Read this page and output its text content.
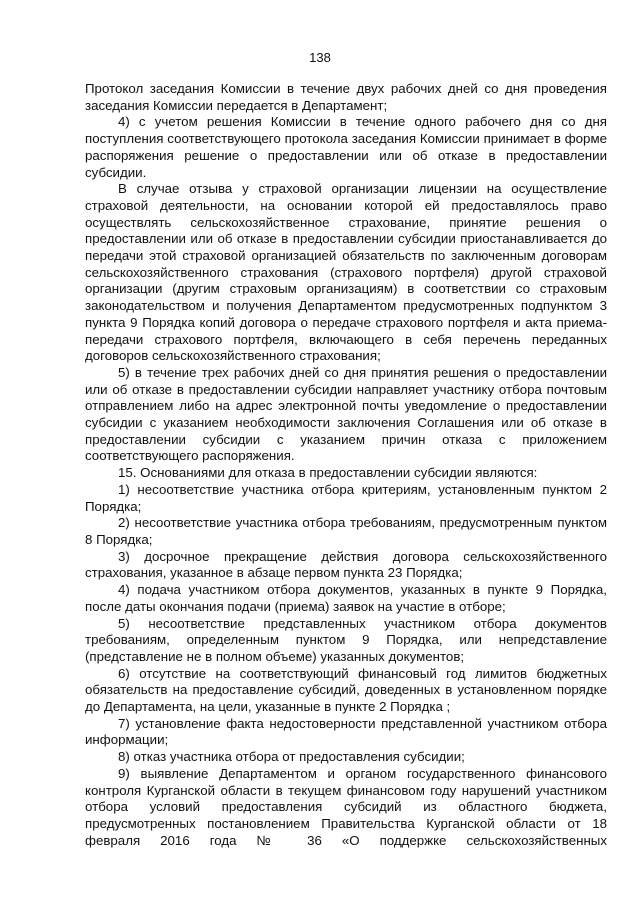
138

Протокол заседания Комиссии в течение двух рабочих дней со дня проведения заседания Комиссии передается в Департамент;

4) с учетом решения Комиссии в течение одного рабочего дня со дня поступления соответствующего протокола заседания Комиссии принимает в форме распоряжения решение о предоставлении или об отказе в предоставлении субсидии.

В случае отзыва у страховой организации лицензии на осуществление страховой деятельности, на основании которой ей предоставлялось право осуществлять сельскохозяйственное страхование, принятие решения о предоставлении или об отказе в предоставлении субсидии приостанавливается до передачи этой страховой организацией обязательств по заключенным договорам сельскохозяйственного страхования (страхового портфеля) другой страховой организации (другим страховым организациям) в соответствии со страховым законодательством и получения Департаментом предусмотренных подпунктом 3 пункта 9 Порядка копий договора о передаче страхового портфеля и акта приема-передачи страхового портфеля, включающего в себя перечень переданных договоров сельскохозяйственного страхования;

5) в течение трех рабочих дней со дня принятия решения о предоставлении или об отказе в предоставлении субсидии направляет участнику отбора почтовым отправлением либо на адрес электронной почты уведомление о предоставлении субсидии с указанием необходимости заключения Соглашения или об отказе в предоставлении субсидии с указанием причин отказа с приложением соответствующего распоряжения.

15. Основаниями для отказа в предоставлении субсидии являются:

1) несоответствие участника отбора критериям, установленным пунктом 2 Порядка;

2) несоответствие участника отбора требованиям, предусмотренным пунктом 8 Порядка;

3) досрочное прекращение действия договора сельскохозяйственного страхования, указанное в абзаце первом пункта 23 Порядка;

4) подача участником отбора документов, указанных в пункте 9 Порядка, после даты окончания подачи (приема) заявок на участие в отборе;

5) несоответствие представленных участником отбора документов требованиям, определенным пунктом 9 Порядка, или непредставление (представление не в полном объеме) указанных документов;

6) отсутствие на соответствующий финансовый год лимитов бюджетных обязательств на предоставление субсидий, доведенных в установленном порядке до Департамента, на цели, указанные в пункте 2 Порядка ;

7) установление факта недостоверности представленной участником отбора информации;

8) отказ участника отбора от предоставления субсидии;

9) выявление Департаментом и органом государственного финансового контроля Курганской области в текущем финансовом году нарушений участником отбора условий предоставления субсидий из областного бюджета, предусмотренных постановлением Правительства Курганской области от 18 февраля 2016 года № 36 «О поддержке сельскохозяйственных
